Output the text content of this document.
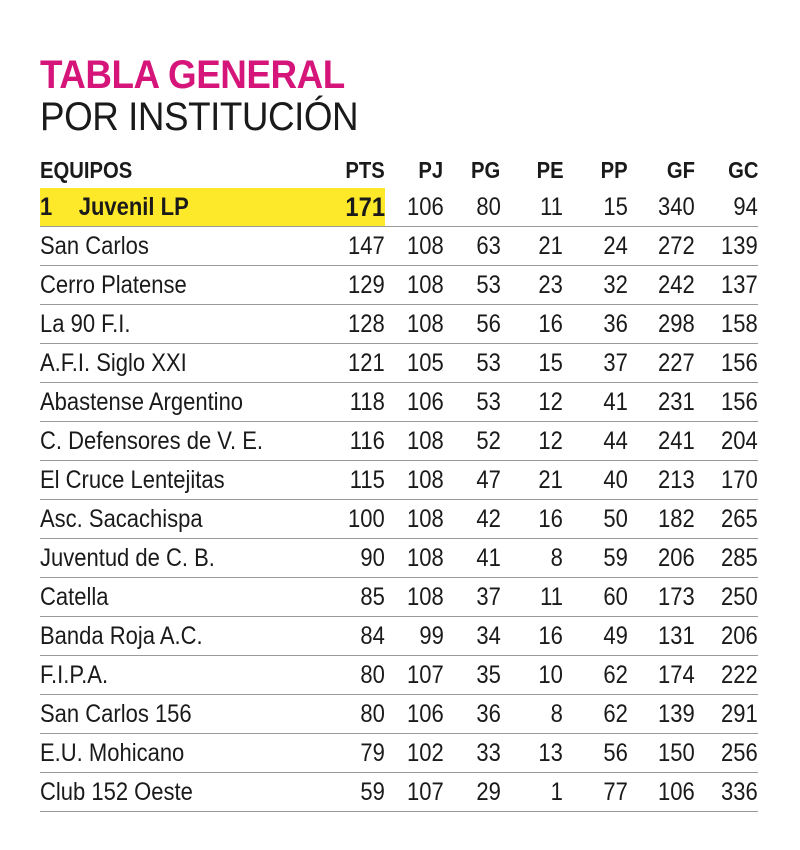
TABLA GENERAL
POR INSTITUCIÓN
EQUIPOS	PTS	PJ	PG	PE	PP	GF	GC
1 Juvenil LP	171	106	80	11	15	340	94
San Carlos	147	108	63	21	24	272	139
Cerro Platense	129	108	53	23	32	242	137
La 90 F.I.	128	108	56	16	36	298	158
A.F.I. Siglo XXI	121	105	53	15	37	227	156
Abastense Argentino	118	106	53	12	41	231	156
C. Defensores de V. E.	116	108	52	12	44	241	204
El Cruce Lentejitas	115	108	47	21	40	213	170
Asc. Sacachispa	100	108	42	16	50	182	265
Juventud de C. B.	90	108	41	8	59	206	285
Catella	85	108	37	11	60	173	250
Banda Roja A.C.	84	99	34	16	49	131	206
F.I.P.A.	80	107	35	10	62	174	222
San Carlos 156	80	106	36	8	62	139	291
E.U. Mohicano	79	102	33	13	56	150	256
Club 152 Oeste	59	107	29	1	77	106	336
